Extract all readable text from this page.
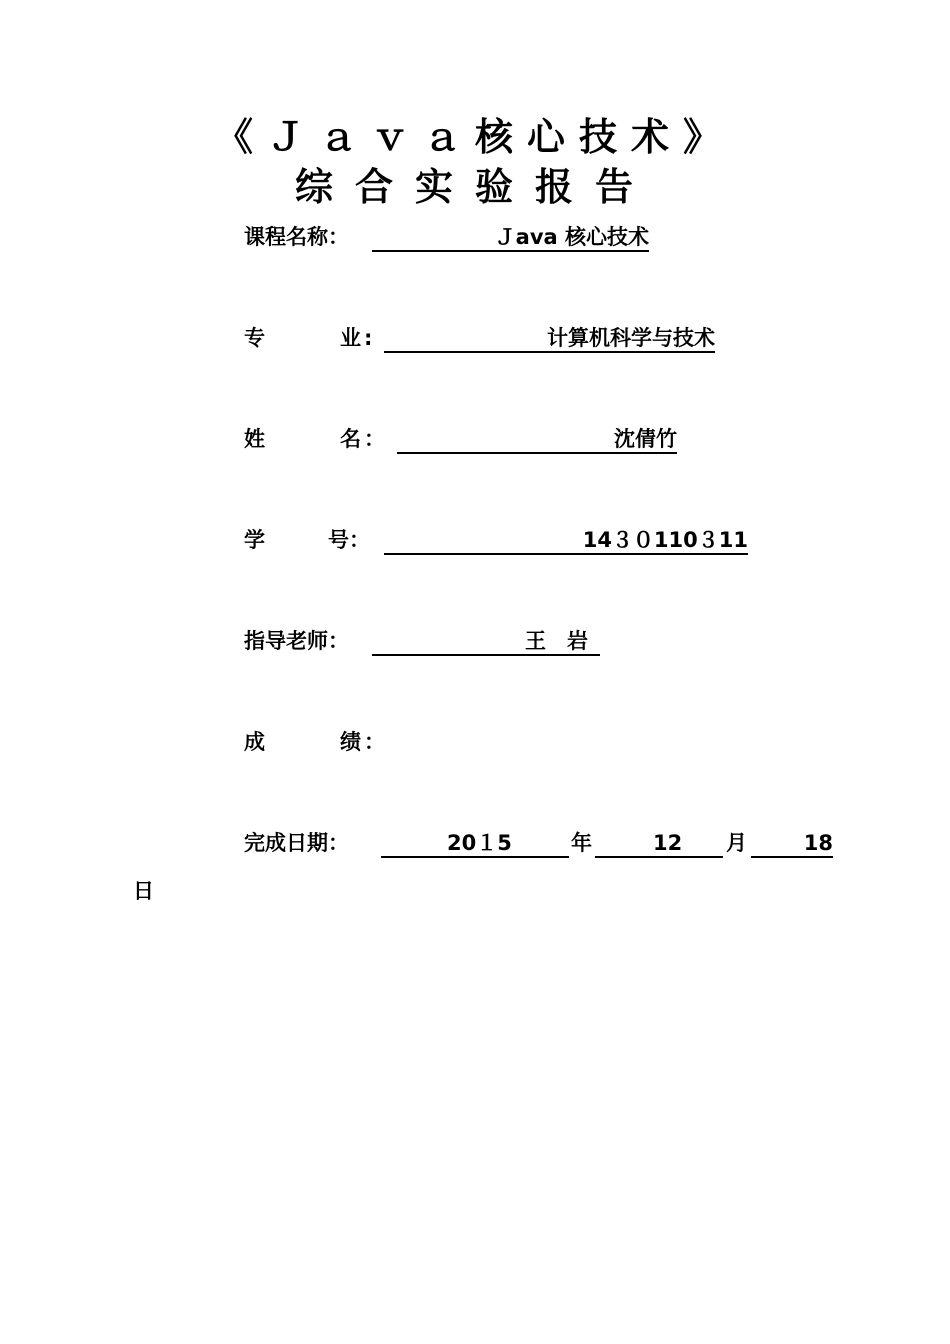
《Ｊａｖａ核心技术》
综合实验报告
课程名称：	Ｊava 核心技术
专　　　业:	计算机科学与技术
姓　　　名：	沈倩竹
学　　　号：	14３０110３11
指导老师：	王　岩
成　　　绩：
完成日期：	20１5	年	12	月	18
日
